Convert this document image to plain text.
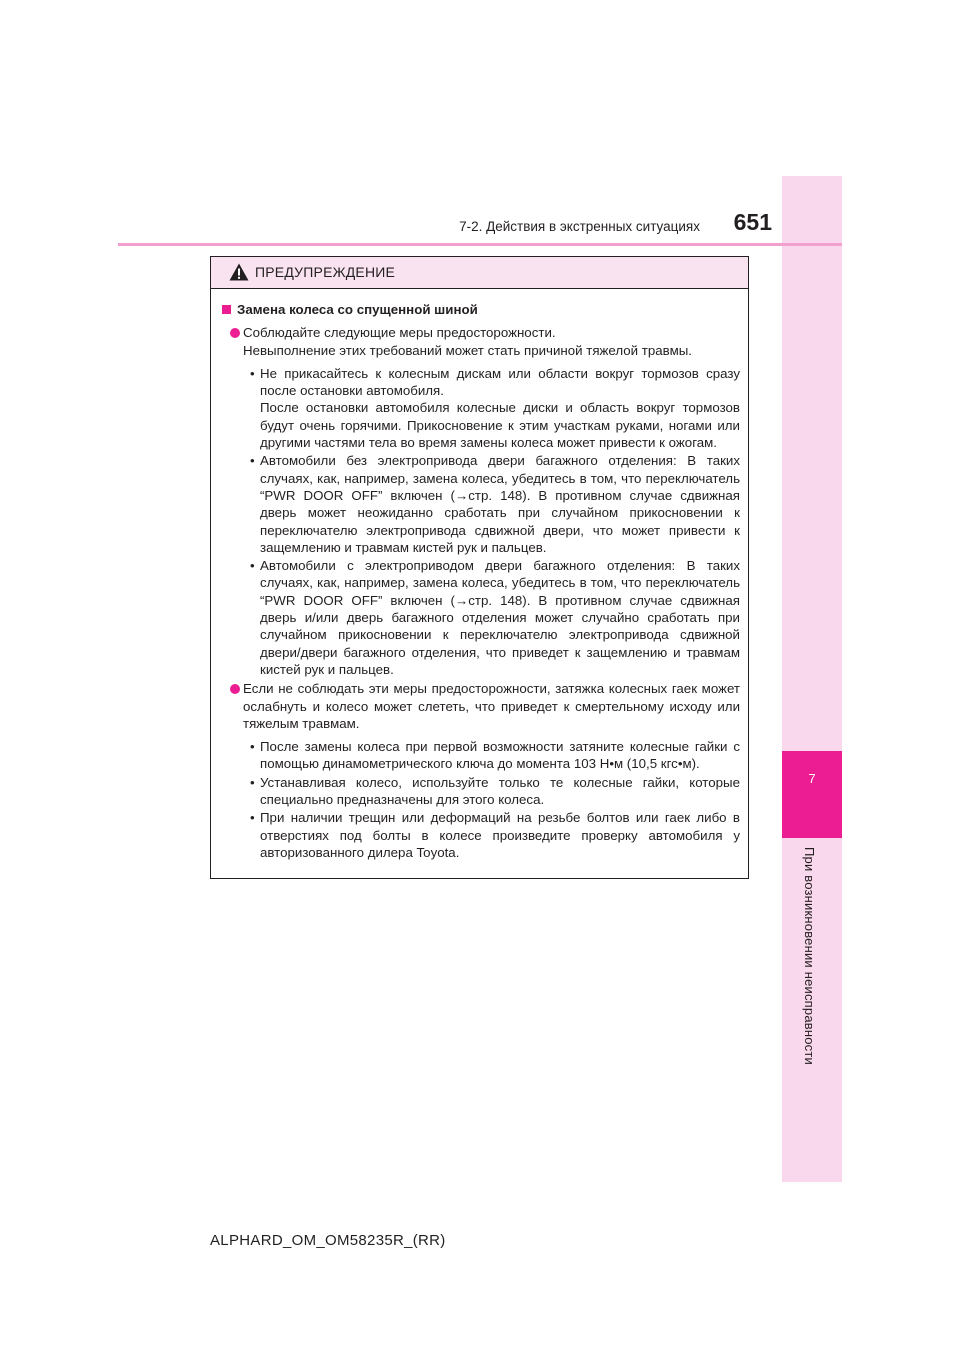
7
При возникновении неисправности
7-2. Действия в экстренных ситуациях	651
ПРЕДУПРЕЖДЕНИЕ
Замена колеса со спущенной шиной

Соблюдайте следующие меры предосторожности.

Невыполнение этих требований может стать причиной тяжелой травмы.

• Не прикасайтесь к колесным дискам или области вокруг тормозов сразу после остановки автомобиля.

После остановки автомобиля колесные диски и область вокруг тормозов будут очень горячими. Прикосновение к этим участкам руками, ногами или другими частями тела во время замены колеса может привести к ожогам.

• Автомобили без электропривода двери багажного отделения: В таких случаях, как, например, замена колеса, убедитесь в том, что переключатель “PWR DOOR OFF” включен (→стр. 148). В противном случае сдвижная дверь может неожиданно сработать при случайном прикосновении к переключателю электропривода сдвижной двери, что может привести к защемлению и травмам кистей рук и пальцев.

• Автомобили с электроприводом двери багажного отделения: В таких случаях, как, например, замена колеса, убедитесь в том, что переключатель “PWR DOOR OFF” включен (→стр. 148). В противном случае сдвижная дверь и/или дверь багажного отделения может случайно сработать при случайном прикосновении к переключателю электропривода сдвижной двери/двери багажного отделения, что приведет к защемлению и травмам кистей рук и пальцев.

Если не соблюдать эти меры предосторожности, затяжка колесных гаек может ослабнуть и колесо может слететь, что приведет к смертельному исходу или тяжелым травмам.

• После замены колеса при первой возможности затяните колесные гайки с помощью динамометрического ключа до момента 103 Н•м (10,5 кгс•м).

• Устанавливая колесо, используйте только те колесные гайки, которые специально предназначены для этого колеса.

• При наличии трещин или деформаций на резьбе болтов или гаек либо в отверстиях под болты в колесе произведите проверку автомобиля у авторизованного дилера Toyota.

ALPHARD_OM_OM58235R_(RR)
